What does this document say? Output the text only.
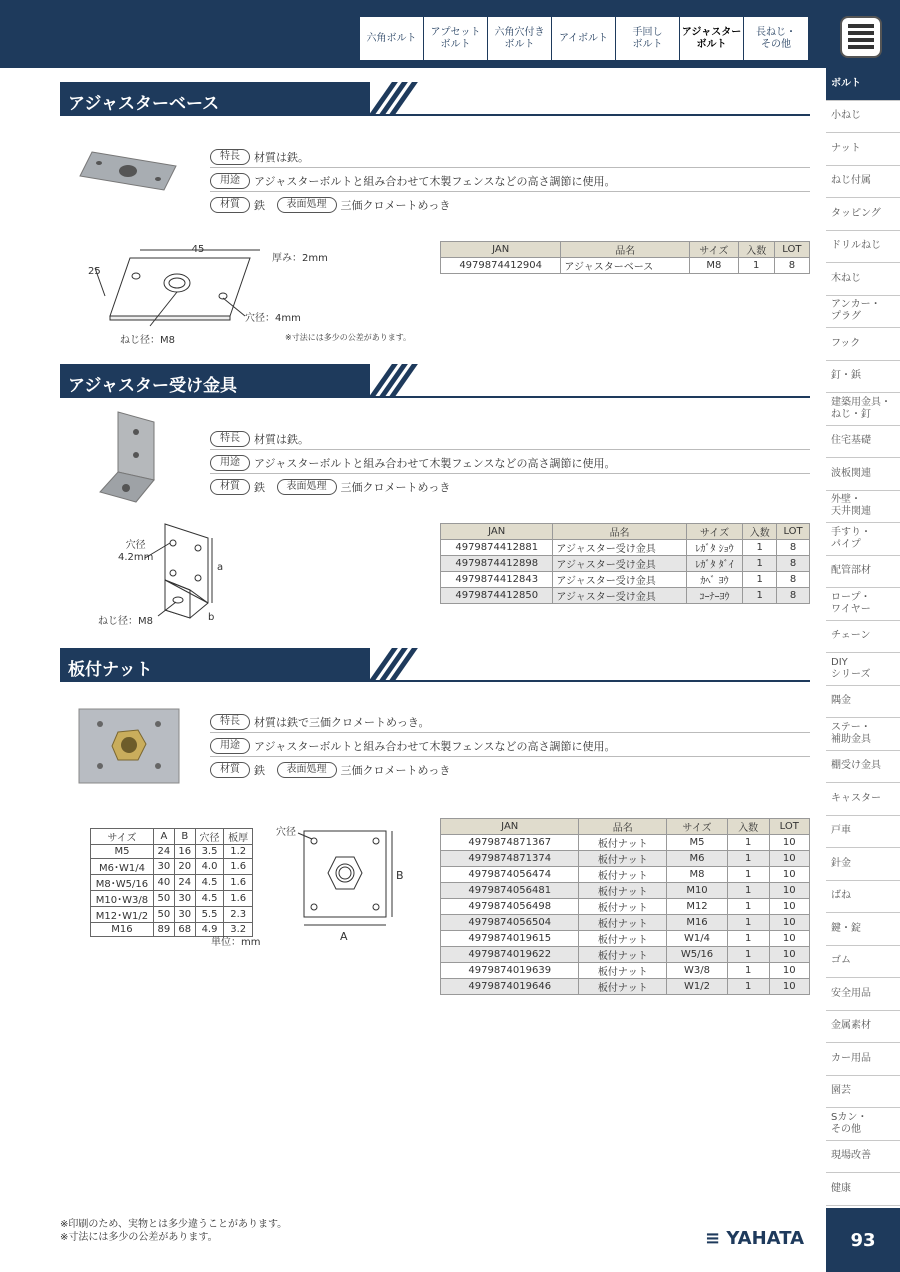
六角ボルト
アプセット
ボルト
六角穴付き
ボルト
アイボルト
手回し
ボルト
アジャスター
ボルト
長ねじ・
その他
ボルト
小ねじ
ナット
ねじ付属
タッピング
ドリルねじ
木ねじ
アンカー・
プラグ
フック
釘・鋲
建築用金具・
ねじ・釘
住宅基礎
波板関連
外壁・
天井関連
手すり・
パイプ
配管部材
ロープ・
ワイヤー
チェーン
DIY
シリーズ
隅金
ステー・
補助金具
棚受け金具
キャスター
戸車
針金
ばね
鍵・錠
ゴム
安全用品
金属素材
カー用品
園芸
Sカン・
その他
現場改善
健康
93
アジャスターベース
特長	材質は鉄。
用途	アジャスターボルトと組み合わせて木製フェンスなどの高さ調節に使用。
材質	鉄
	表面処理	三価クロメートめっき
45
25
厚み：2mm
穴径：4mm
ねじ径：M8	※寸法には多少の公差があります。
JAN	品名	サイズ	入数	LOT
4979874412904	アジャスターベース	M8	1	8
アジャスター受け金具
特長	材質は鉄。
用途	アジャスターボルトと組み合わせて木製フェンスなどの高さ調節に使用。
材質	鉄
	表面処理	三価クロメートめっき
a
b
穴径
4.2mm
ねじ径：M8
JAN	品名	サイズ	入数	LOT
4979874412881	アジャスター受け金具	ﾚｶﾞﾀ ｼｮｳ	1	8
4979874412898	アジャスター受け金具	ﾚｶﾞﾀ ﾀﾞｲ	1	8
4979874412843	アジャスター受け金具	ｶﾍﾞ ﾖｳ	1	8
4979874412850	アジャスター受け金具	ｺｰﾅｰﾖｳ	1	8
板付ナット
特長	材質は鉄で三価クロメートめっき。
用途	アジャスターボルトと組み合わせて木製フェンスなどの高さ調節に使用。
材質	鉄
	表面処理	三価クロメートめっき
サイズ	A	B	穴径	板厚
M5	24	16	3.5	1.2
M6･W1/4	30	20	4.0	1.6
M8･W5/16	40	24	4.5	1.6
M10･W3/8	50	30	4.5	1.6
M12･W1/2	50	30	5.5	2.3
M16	89	68	4.9	3.2
単位：mm	A
B
穴径
JAN	品名	サイズ	入数	LOT
4979874871367	板付ナット	M5	1	10
4979874871374	板付ナット	M6	1	10
4979874056474	板付ナット	M8	1	10
4979874056481	板付ナット	M10	1	10
4979874056498	板付ナット	M12	1	10
4979874056504	板付ナット	M16	1	10
4979874019615	板付ナット	W1/4	1	10
4979874019622	板付ナット	W5/16	1	10
4979874019639	板付ナット	W3/8	1	10
4979874019646	板付ナット	W1/2	1	10
※印刷のため、実物とは多少違うことがあります。
※寸法には多少の公差があります。	≡ YAHATA
